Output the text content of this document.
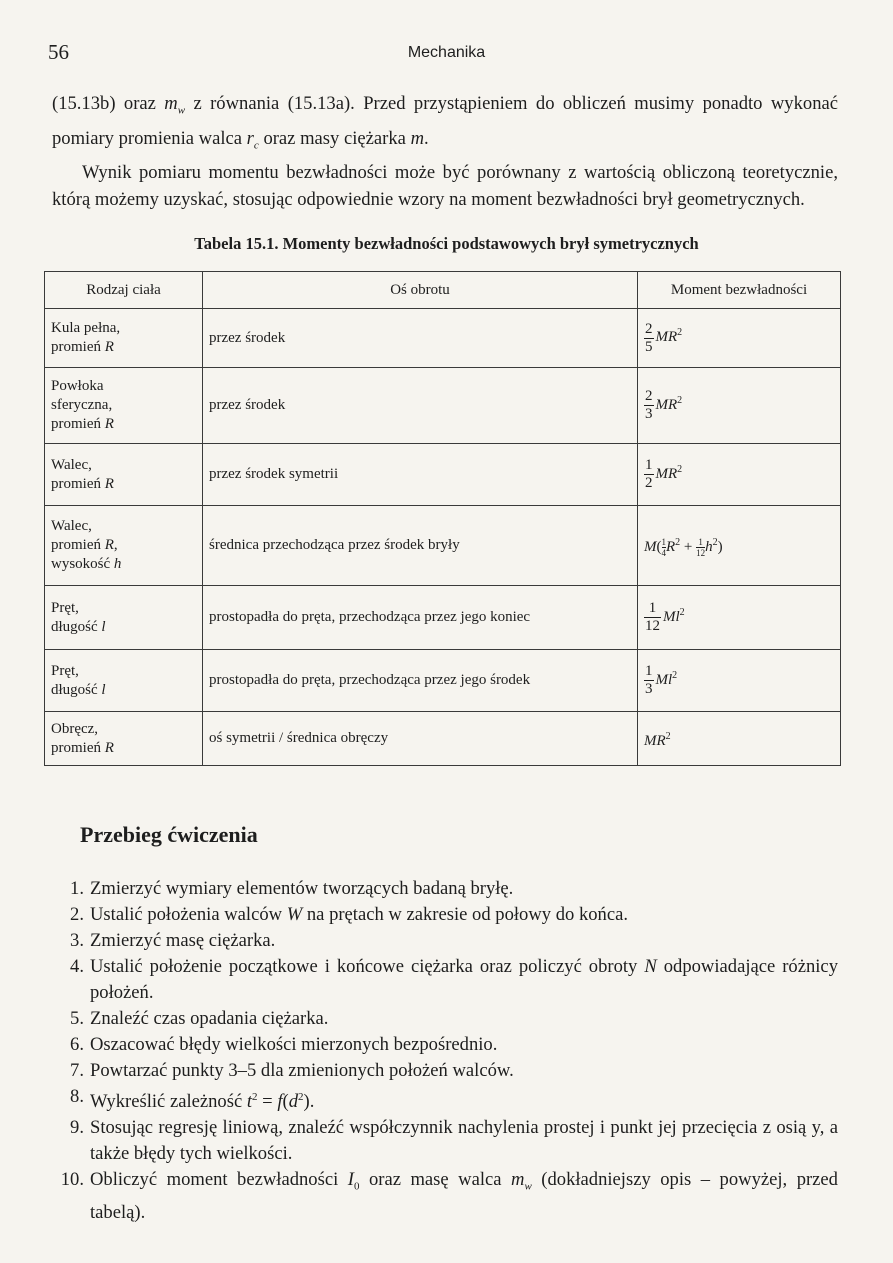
56	Mechanika

(15.13b) oraz $m_w$ z równania (15.13a). Przed przystąpieniem do obliczeń musimy ponadto wykonać pomiary promienia walca $r_c$ oraz masy ciężarka m.

Wynik pomiaru momentu bezwładności może być porównany z wartością obliczoną teoretycznie, którą możemy uzyskać, stosując odpowiednie wzory na moment bezwładności brył geometrycznych.

Tabela 15.1. Momenty bezwładności podstawowych brył symetrycznych
Rodzaj ciała	Oś obrotu	Moment bezwładności
Kula pełna,
promień R	przez środek	$\frac{2}{5} MR^2$
Powłoka
sferyczna,
promień R	przez środek	$\frac{2}{3} MR^2$
Walec,
promień R	przez środek symetrii	$\frac{1}{2} MR^2$
Walec,
promień R,
wysokość h	średnica przechodząca przez środek bryły	$M( \frac{1}{4}R^2 + \frac{1}{12}h^2)$
Pręt,
długość l	prostopadła do pręta, przechodząca przez jego koniec	$\frac{1}{12} Ml^2$
Pręt,
długość l	prostopadła do pręta, przechodząca przez jego środek	$\frac{1}{3} Ml^2$
Obręcz,
promień R	oś symetrii / średnica obręczy	$MR^2$
Przebieg ćwiczenia
1. Zmierzyć wymiary elementów tworzących badaną bryłę.
2. Ustalić położenia walców W na prętach w zakresie od połowy do końca.
3. Zmierzyć masę ciężarka.
4. Ustalić położenie początkowe i końcowe ciężarka oraz policzyć obroty N odpowiadające różnicy położeń.
5. Znaleźć czas opadania ciężarka.
6. Oszacować błędy wielkości mierzonych bezpośrednio.
7. Powtarzać punkty 3–5 dla zmienionych położeń walców.
8. Wykreślić zależność $t^2 = f(d^2)$.
9. Stosując regresję liniową, znaleźć współczynnik nachylenia prostej i punkt jej przecięcia z osią y, a także błędy tych wielkości.
10. Obliczyć moment bezwładności $I_0$ oraz masę walca $m_w$ (dokładniejszy opis – powyżej, przed tabelą).
